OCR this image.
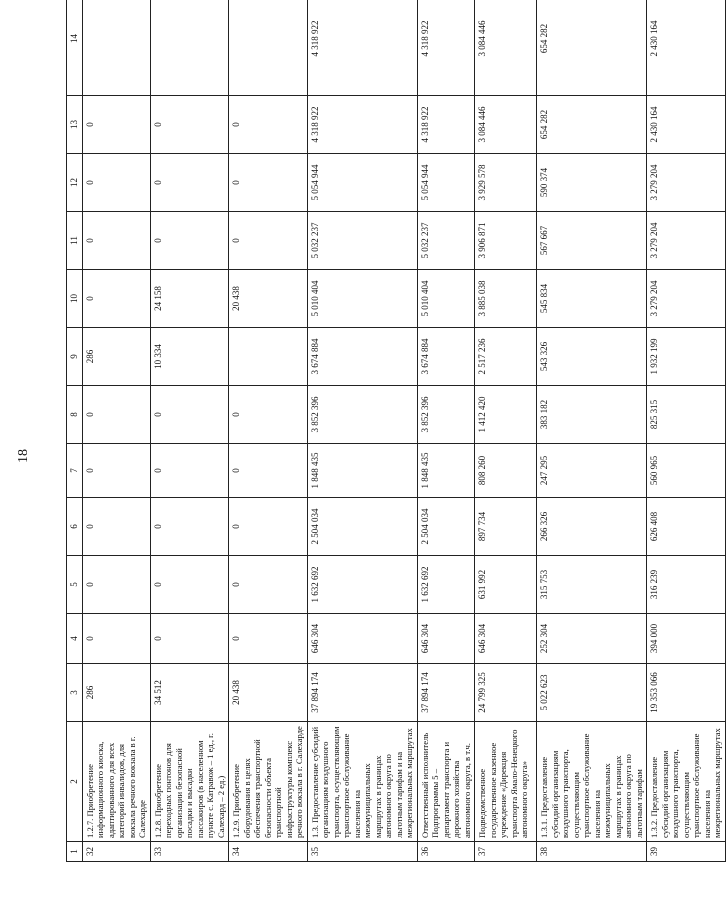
18
1	2	3	4	5	6	7	8	9	10	11	12	13	14
32	1.2.7. Приобретение информационного киоска, адаптированного для всех категорий инвалидов, для вокзала речного вокзала в г. Салехарде	286	0	0	0	0	0	286	0	0	0	0	
33	1.2.8. Приобретение переходных понтонов для организации безопасной посадки и высадки пассажиров (в населенном пункте с. Катравож – 1 ед., г. Салехард – 2 ед.)	34 512	0	0	0	0	0	10 334	24 158	0	0	0	
34	1.2.9. Приобретение оборудования в целях обеспечения транспортной безопасности объекта транспортной инфраструктуры комплекс речного вокзала в г. Салехарде	20 438	0	0	0	0	0		20 438	0	0	0	
35	1.3. Предоставление субсидий организациям воздушного транспорта, осуществляющим транспортное обслуживание населения на межмуниципальных маршрутах в границах автономного округа по льготным тарифам и на межрегиональных маршрутах	37 894 174	646 304	1 632 692	2 504 034	1 848 435	3 852 396	3 674 884	5 010 404	5 032 237	5 054 944	4 318 922	4 318 922
36	Ответственный исполнитель Подпрограммы 5 – департамент транспорта и дорожного хозяйства автономного округа, в т.ч.	37 894 174	646 304	1 632 692	2 504 034	1 848 435	3 852 396	3 674 884	5 010 404	5 032 237	5 054 944	4 318 922	4 318 922
37	Подведомственное государственное казенное учреждение «Дирекция транспорта Ямало-Ненецкого автономного округа»	24 799 325	646 304	631 992	897 734	808 260	1 412 420	2 517 236	3 885 038	3 906 871	3 929 578	3 084 446	3 084 446
38	1.3.1. Предоставление субсидий организациям воздушного транспорта, осуществляющим транспортное обслуживание населения на межмуниципальных маршрутах в границах автономного округа по льготным тарифам	5 022 623	252 304	315 753	266 326	247 295	383 182	543 326	545 834	567 667	590 374	654 282	654 282
39	1.3.2. Предоставление субсидий организациям воздушного транспорта, осуществляющим транспортное обслуживание населения на межрегиональных маршрутах	19 353 066	394 000	316 239	626 408	560 965	825 315	1 932 199	3 279 204	3 279 204	3 279 204	2 430 164	2 430 164
